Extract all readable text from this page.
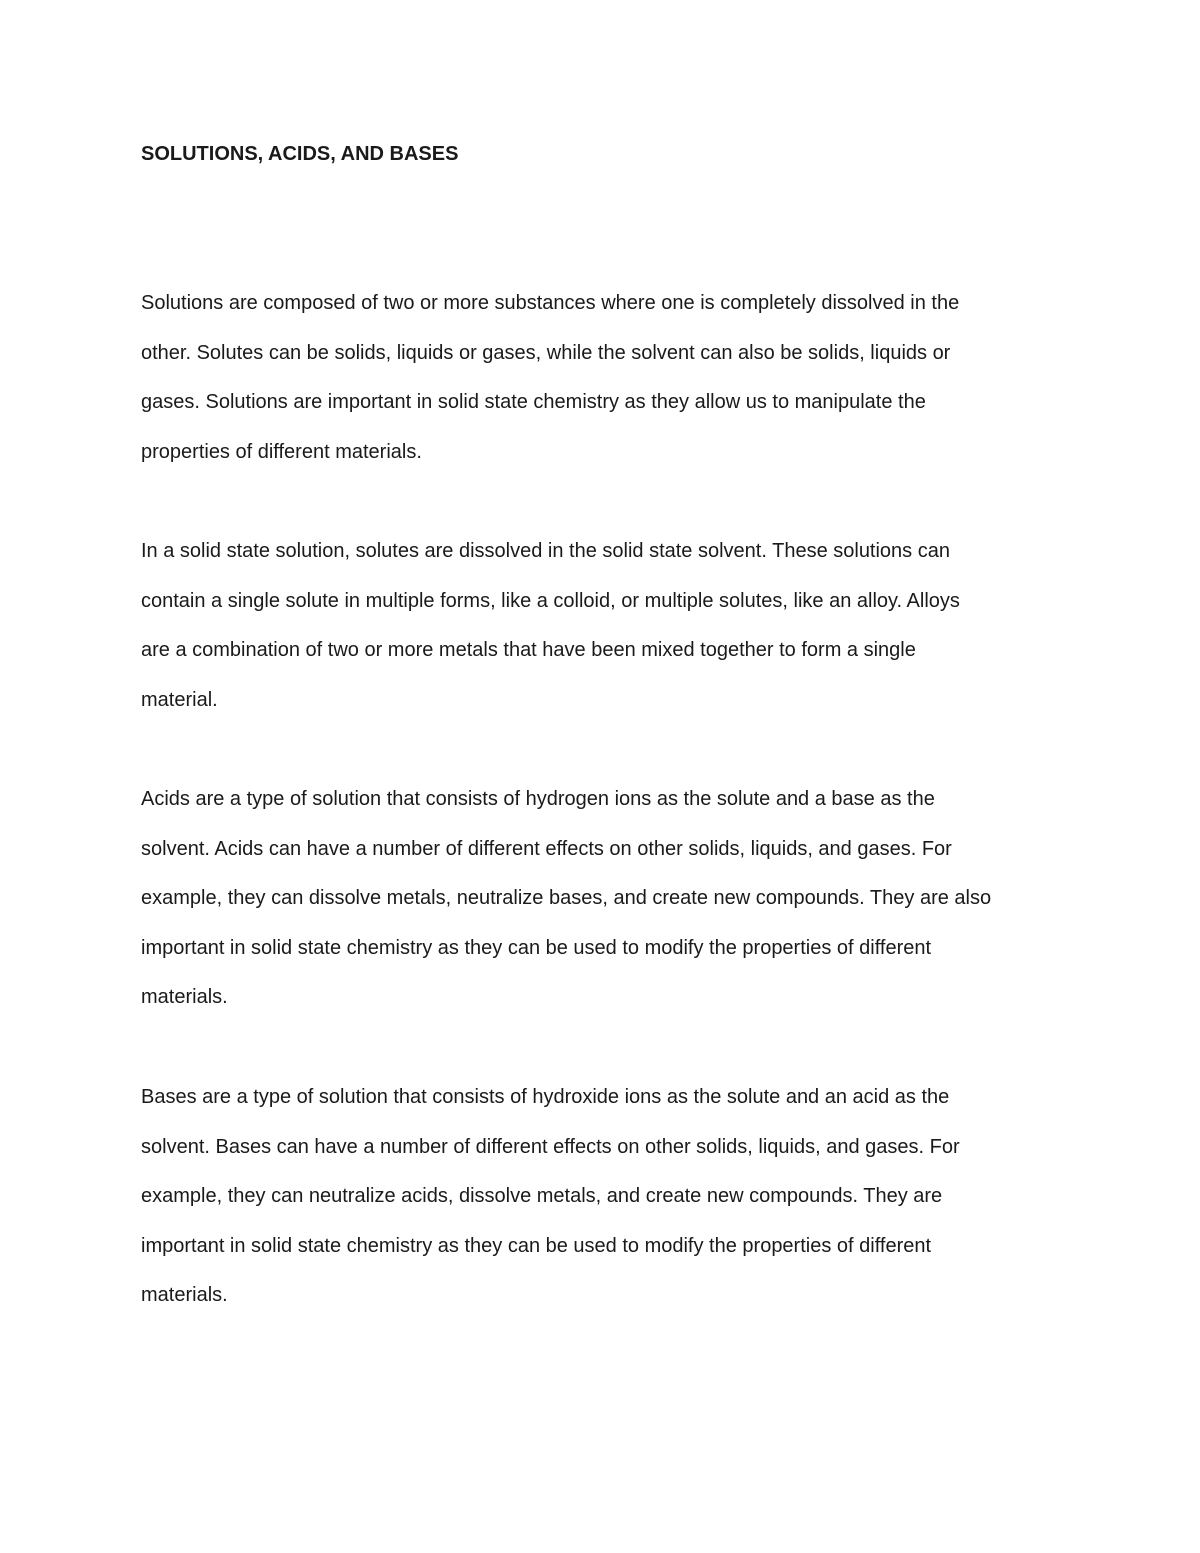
SOLUTIONS, ACIDS, AND BASES

Solutions are composed of two or more substances where one is completely dissolved in the
other. Solutes can be solids, liquids or gases, while the solvent can also be solids, liquids or
gases. Solutions are important in solid state chemistry as they allow us to manipulate the
properties of different materials.

In a solid state solution, solutes are dissolved in the solid state solvent. These solutions can
contain a single solute in multiple forms, like a colloid, or multiple solutes, like an alloy. Alloys
are a combination of two or more metals that have been mixed together to form a single
material.

Acids are a type of solution that consists of hydrogen ions as the solute and a base as the
solvent. Acids can have a number of different effects on other solids, liquids, and gases. For
example, they can dissolve metals, neutralize bases, and create new compounds. They are also
important in solid state chemistry as they can be used to modify the properties of different
materials.

Bases are a type of solution that consists of hydroxide ions as the solute and an acid as the
solvent. Bases can have a number of different effects on other solids, liquids, and gases. For
example, they can neutralize acids, dissolve metals, and create new compounds. They are
important in solid state chemistry as they can be used to modify the properties of different
materials.
